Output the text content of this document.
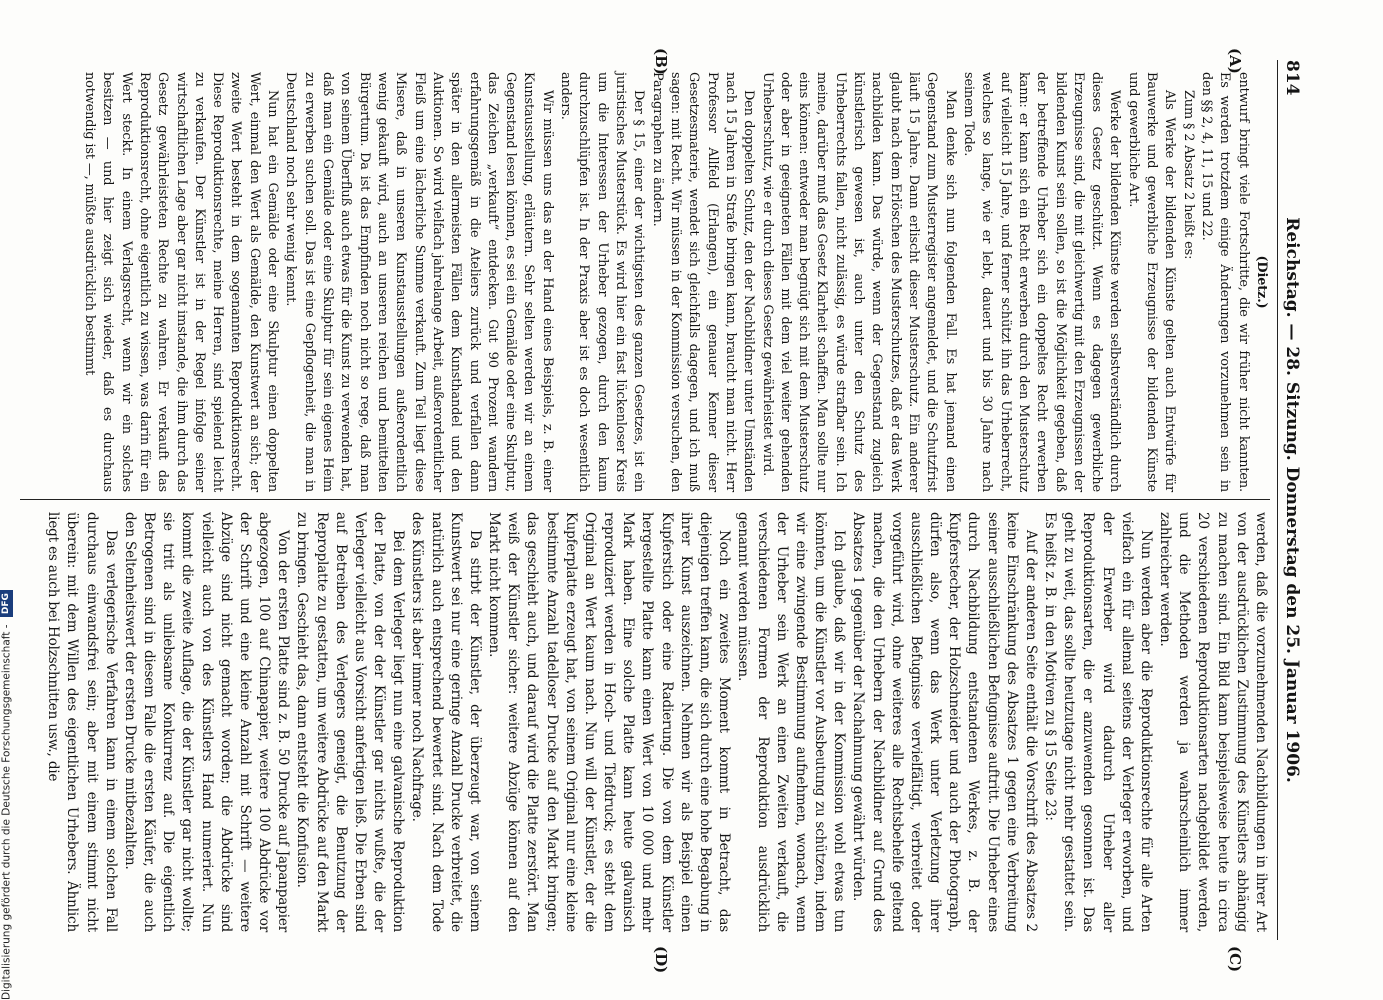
814
Reichstag. — 28. Sitzung. Donnerstag den 25. Januar 1906.
(A)
(B)
(C)
(D)

(Dietz.)

entwurf bringt viele Fortschritte, die wir früher nicht kannten. Es werden trotzdem einige Änderungen vorzunehmen sein in den §§ 2, 4, 11, 15 und 22.

Zum § 2 Absatz 2 heißt es:

Als Werke der bildenden Künste gelten auch Entwürfe für Bauwerke und gewerbliche Erzeugnisse der bildenden Künste und gewerbliche Art.

Werke der bildenden Künste werden selbstverständlich durch dieses Gesetz geschützt. Wenn es dagegen gewerbliche Erzeugnisse sind, die mit gleichwertig mit den Erzeugnissen der bildenden Kunst sein sollen, so ist die Möglichkeit gegeben, daß der betreffende Urheber sich ein doppeltes Recht erwerben kann: er kann sich ein Recht erwerben durch den Musterschutz auf vielleicht 15 Jahre, und ferner schützt ihn das Urheberrecht, welches so lange, wie er lebt, dauert und bis 30 Jahre nach seinem Tode.

Man denke sich nun folgenden Fall. Es hat jemand einen Gegenstand zum Musterregister angemeldet, und die Schutzfrist läuft 15 Jahre. Dann erlischt dieser Musterschutz. Ein anderer glaubt nach dem Erlöschen des Musterschutzes, daß er das Werk nachbilden kann. Das würde, wenn der Gegenstand zugleich künstlerisch gewesen ist, auch unter den Schutz des Urheberrechts fallen, nicht zulässig, es würde strafbar sein. Ich meine, darüber muß das Gesetz Klarheit schaffen. Man sollte nur eins können: entweder man begnügt sich mit dem Musterschutz oder aber in geeigneten Fällen mit dem viel weiter gehenden Urheberschutz, wie er durch dieses Gesetz gewährleistet wird.

Den doppelten Schutz, den der Nachbildner unter Umständen nach 15 Jahren in Strafe bringen kann, braucht man nicht. Herr Professor Allfeld (Erlangen), ein genauer Kenner dieser Gesetzesmaterie, wendet sich gleichfalls dagegen, und ich muß sagen: mit Recht. Wir müssen in der Kommission versuchen, den Paragraphen zu ändern.

Der § 15, einer der wichtigsten des ganzen Gesetzes, ist ein juristisches Musterstück. Es wird hier ein fast lückenloser Kreis um die Interessen der Urheber gezogen, durch den kaum durchzuschlüpfen ist. In der Praxis aber ist es doch wesentlich anders.

Wir müssen uns das an der Hand eines Beispiels, z. B. einer Kunstausstellung, erläutern. Sehr selten werden wir an einem Gegenstand lesen können, es sei ein Gemälde oder eine Skulptur, das Zeichen „verkauft“ entdecken. Gut 90 Prozent wandern erfahrungsgemäß in die Ateliers zurück und verfallen dann später in den allermeisten Fällen dem Kunsthandel und den Auktionen. So wird vielfach jahrelange Arbeit, außerordentlicher Fleiß um eine lächerliche Summe verkauft. Zum Teil liegt diese Misere, daß in unseren Kunstausstellungen außerordentlich wenig gekauft wird, auch an unseren reichen und bemittelten Bürgertum. Da ist das Empfinden noch nicht so rege, daß man von seinem Überfluß auch etwas für die Kunst zu verwenden hat, daß man ein Gemälde oder eine Skulptur für sein eigenes Heim zu erwerben suchen soll. Das ist eine Gepflogenheit, die man in Deutschland noch sehr wenig kennt.

Nun hat ein Gemälde oder eine Skulptur einen doppelten Wert, einmal den Wert als Gemälde, den Kunstwert an sich; der zweite Wert besteht in dem sogenannten Reproduktionsrecht. Diese Reproduktionsrechte, meine Herren, sind spielend leicht zu verkaufen. Der Künstler ist in der Regel infolge seiner wirtschaftlichen Lage aber gar nicht imstande, die ihm durch das Gesetz gewährleisteten Rechte zu wahren. Er verkauft das Reproduktionsrecht, ohne eigentlich zu wissen, was darin für ein Wert steckt. In einem Verlagsrecht, wenn wir ein solches besitzen — und hier zeigt sich wieder, daß es durchaus notwendig ist —, müßte ausdrücklich bestimmt

werden, daß die vorzunehmenden Nachbildungen in ihrer Art von der ausdrücklichen Zustimmung des Künstlers abhängig zu machen sind. Ein Bild kann beispielsweise heute in circa 20 verschiedenen Reproduktionsarten nachgebildet werden, und die Methoden werden ja wahrscheinlich immer zahlreicher werden.

Nun werden aber die Reproduktionsrechte für alle Arten vielfach ein für allemal seitens der Verleger erworben, und der Erwerber wird dadurch Urheber aller Reproduktionsarten, die er anzuwenden gesonnen ist. Das geht zu weit, das sollte heutzutage nicht mehr gestattet sein. Es heißt z. B. in den Motiven zu § 15 Seite 23:

Auf der anderen Seite enthält die Vorschrift des Absatzes 2 keine Einschränkung des Absatzes 1 gegen eine Verbreitung seiner ausschließlichen Befugnisse auftritt. Die Urheber eines durch Nachbildung entstandenen Werkes, z. B. der Kupferstecher, der Holzschneider und auch der Photograph, dürfen also, wenn das Werk unter Verletzung ihrer ausschließlichen Befugnisse vervielfältigt, verbreitet oder vorgeführt wird, ohne weiteres alle Rechtsbehelfe geltend machen, die den Urhebern der Nachbildner auf Grund des Absatzes 1 gegenüber der Nachahmung gewährt würden.

Ich glaube, daß wir in der Kommission wohl etwas tun könnten, um die Künstler vor Ausbeutung zu schützen, indem wir eine zwingende Bestimmung aufnehmen, wonach, wenn der Urheber sein Werk an einen Zweiten verkauft, die verschiedenen Formen der Reproduktion ausdrücklich genannt werden müssen.

Noch ein zweites Moment kommt in Betracht, das diejenigen treffen kann, die sich durch eine hohe Begabung in ihrer Kunst auszeichnen. Nehmen wir als Beispiel einen Kupferstich oder eine Radierung. Die von dem Künstler hergestellte Platte kann einen Wert von 10 000 und mehr Mark haben. Eine solche Platte kann heute galvanisch reproduziert werden in Hoch- und Tiefdruck; es steht dem Original an Wert kaum nach. Nun will der Künstler, der die Kupferplatte erzeugt hat, von seinem Original nur eine kleine bestimmte Anzahl tadelloser Drucke auf den Markt bringen; das geschieht auch, und darauf wird die Platte zerstört. Man weiß der Künstler sicher: weitere Abzüge können auf den Markt nicht kommen.

Da stirbt der Künstler, der überzeugt war, von seinem Kunstwert sei nur eine geringe Anzahl Drucke verbreitet, die natürlich auch entsprechend bewertet sind. Nach dem Tode des Künstlers ist aber immer noch Nachfrage.

Bei dem Verleger liegt nun eine galvanische Reproduktion der Platte, von der der Künstler gar nichts wußte, die der Verleger vielleicht aus Vorsicht anfertigen ließ. Die Erben sind auf Betreiben des Verlegers geneigt, die Benutzung der Reproplatte zu gestatten, um weitere Abdrücke auf den Markt zu bringen. Geschieht das, dann entsteht die Konfusion.

Von der ersten Platte sind z. B. 50 Drucke auf Japanpapier abgezogen, 100 auf Chinapapier, weitere 100 Abdrücke vor der Schrift und eine kleine Anzahl mit Schrift — weitere Abzüge sind nicht gemacht worden; die Abdrücke sind vielleicht auch von des Künstlers Hand numeriert. Nun kommt die zweite Auflage, die der Künstler gar nicht wollte; sie tritt als unliebsame Konkurrenz auf. Die eigentlich Betrogenen sind in diesem Falle die ersten Käufer, die auch den Seltenheitswert der ersten Drucke mitbezahlten.

Das verlegerische Verfahren kann in einem solchen Fall durchaus einwandsfrei sein; aber mit einem stimmt nicht überein: mit dem Willen des eigentlichen Urhebers. Ähnlich liegt es auch bei Holzschnitten usw., die

Digitalisierung gefördert durch die Deutsche Forschungsgemeinschaft - DFG
